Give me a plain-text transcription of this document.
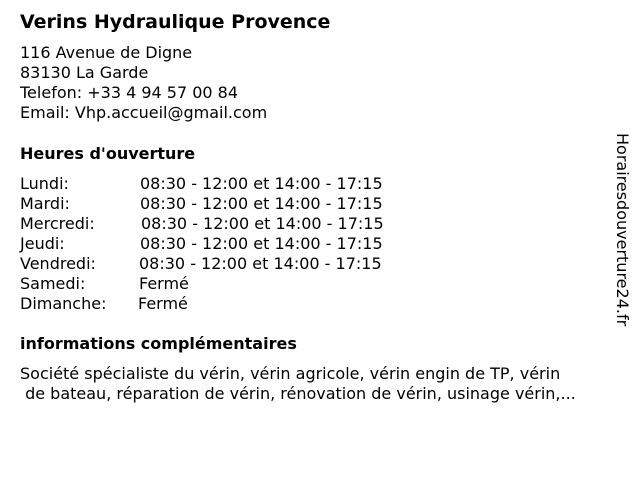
Verins Hydraulique Provence
116 Avenue de Digne
83130 La Garde
Telefon: +33 4 94 57 00 84
Email: Vhp.accueil@gmail.com
Heures d'ouverture
Lundi:	08:30 - 12:00 et 14:00 - 17:15
Mardi:	08:30 - 12:00 et 14:00 - 17:15
Mercredi:	08:30 - 12:00 et 14:00 - 17:15
Jeudi:	08:30 - 12:00 et 14:00 - 17:15
Vendredi:	08:30 - 12:00 et 14:00 - 17:15
Samedi:	Fermé
Dimanche: Fermé
informations complémentaires
Société spécialiste du vérin, vérin agricole, vérin engin de TP, vérin
de bateau, réparation de vérin, rénovation de vérin, usinage vérin,...
Horairesdouverture24.fr
